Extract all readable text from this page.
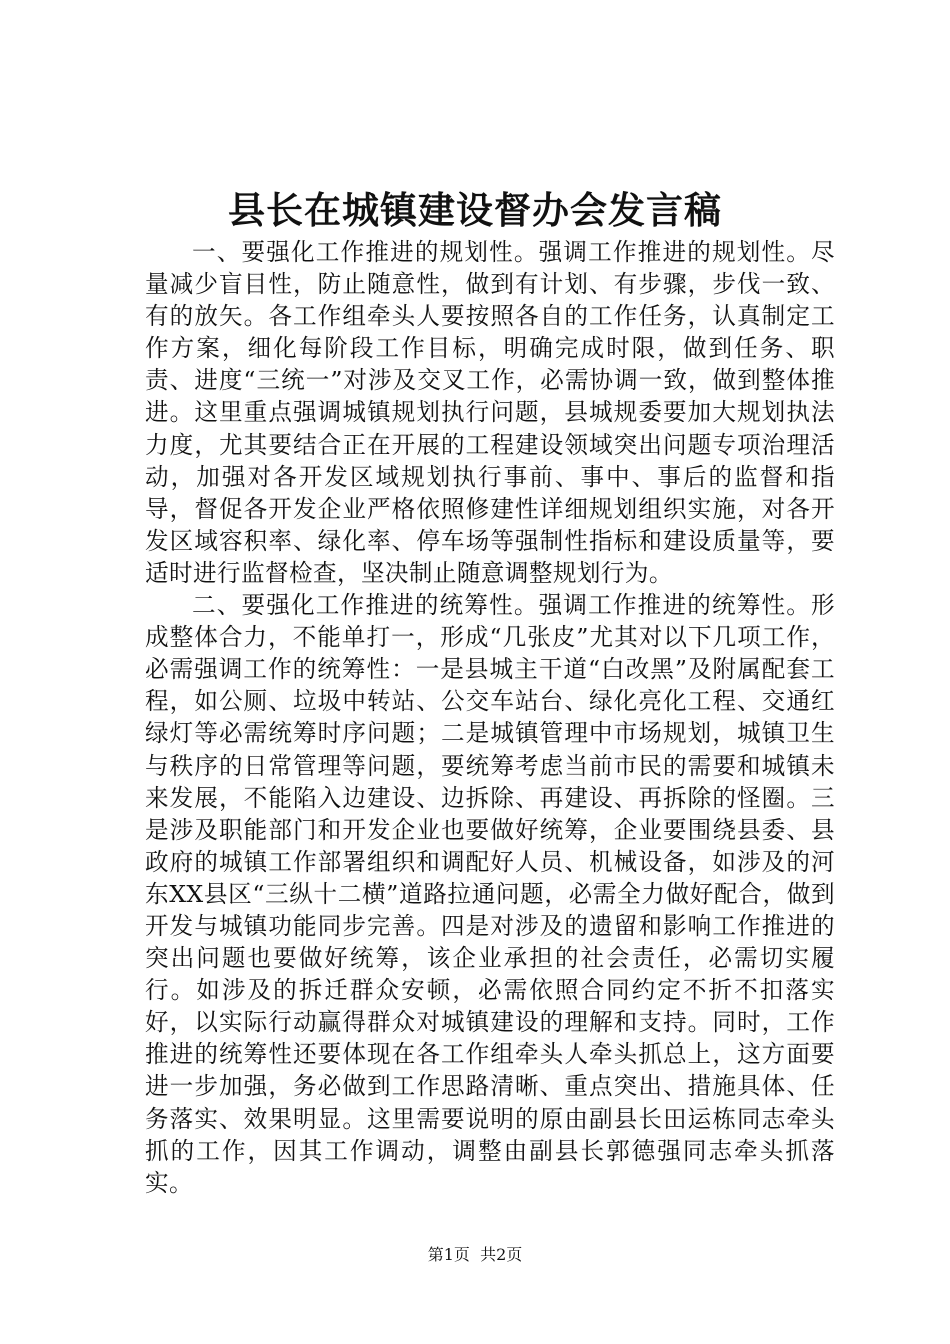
县长在城镇建设督办会发言稿

一、要强化工作推进的规划性。强调工作推进的规划性。尽量减少盲目性，防止随意性，做到有计划、有步骤，步伐一致、有的放矢。各工作组牵头人要按照各自的工作任务，认真制定工作方案，细化每阶段工作目标，明确完成时限，做到任务、职责、进度“三统一”对涉及交叉工作，必需协调一致，做到整体推进。这里重点强调城镇规划执行问题，县城规委要加大规划执法力度，尤其要结合正在开展的工程建设领域突出问题专项治理活动，加强对各开发区域规划执行事前、事中、事后的监督和指导，督促各开发企业严格依照修建性详细规划组织实施，对各开发区域容积率、绿化率、停车场等强制性指标和建设质量等，要适时进行监督检查，坚决制止随意调整规划行为。

二、要强化工作推进的统筹性。强调工作推进的统筹性。形成整体合力，不能单打一，形成“几张皮”尤其对以下几项工作，必需强调工作的统筹性：一是县城主干道“白改黑”及附属配套工程，如公厕、垃圾中转站、公交车站台、绿化亮化工程、交通红绿灯等必需统筹时序问题；二是城镇管理中市场规划，城镇卫生与秩序的日常管理等问题，要统筹考虑当前市民的需要和城镇未来发展，不能陷入边建设、边拆除、再建设、再拆除的怪圈。三是涉及职能部门和开发企业也要做好统筹，企业要围绕县委、县政府的城镇工作部署组织和调配好人员、机械设备，如涉及的河东XX县区“三纵十二横”道路拉通问题，必需全力做好配合，做到开发与城镇功能同步完善。四是对涉及的遗留和影响工作推进的突出问题也要做好统筹，该企业承担的社会责任，必需切实履行。如涉及的拆迁群众安顿，必需依照合同约定不折不扣落实好，以实际行动赢得群众对城镇建设的理解和支持。同时，工作推进的统筹性还要体现在各工作组牵头人牵头抓总上，这方面要进一步加强，务必做到工作思路清晰、重点突出、措施具体、任务落实、效果明显。这里需要说明的原由副县长田运栋同志牵头抓的工作，因其工作调动，调整由副县长郭德强同志牵头抓落实。

第1页 共2页
